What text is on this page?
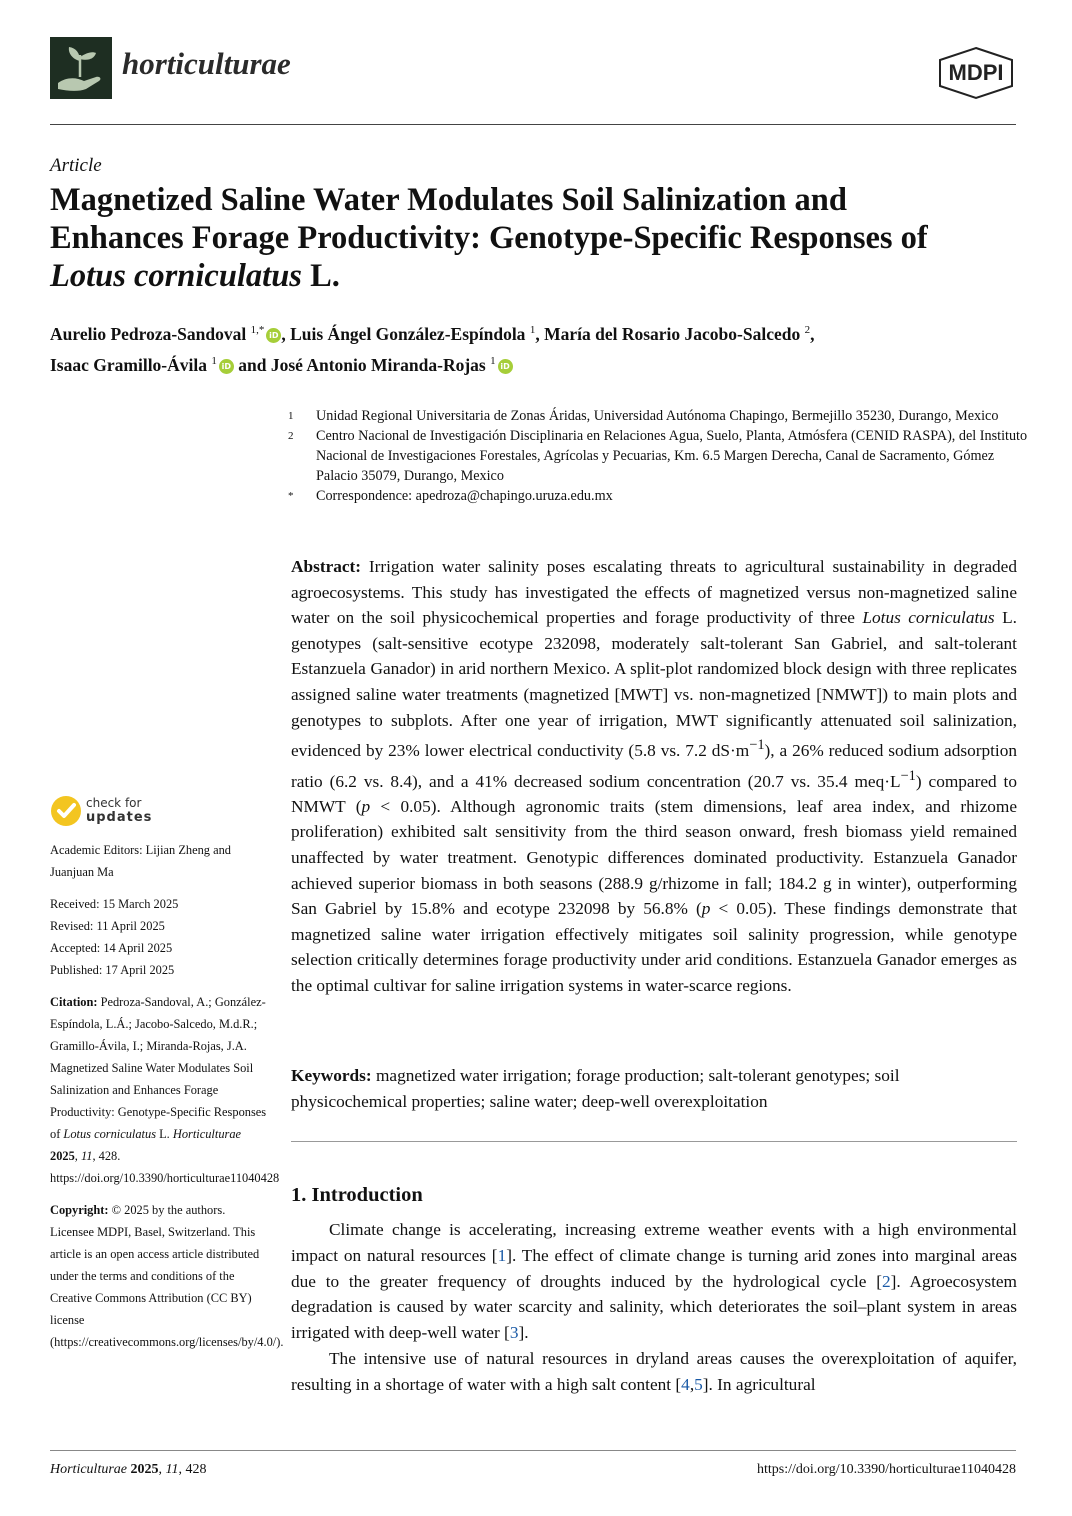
horticulturae	MDPI
Article
Magnetized Saline Water Modulates Soil Salinization and
Enhances Forage Productivity: Genotype-Specific Responses of
Lotus corniculatus L.
Aurelio Pedroza-Sandoval $^{1,*}$ iD , Luis Ángel González-Espíndola $^1$, María del Rosario Jacobo-Salcedo $^2$,
Isaac Gramillo-Ávila $^1$ iD and José Antonio Miranda-Rojas $^1$ iD
1 Unidad Regional Universitaria de Zonas Áridas, Universidad Autónoma Chapingo, Bermejillo 35230, Durango, Mexico
2 Centro Nacional de Investigación Disciplinaria en Relaciones Agua, Suelo, Planta, Atmósfera (CENID RASPA), del Instituto Nacional de Investigaciones Forestales, Agrícolas y Pecuarias, Km. 6.5 Margen Derecha, Canal de Sacramento, Gómez Palacio 35079, Durango, Mexico
* Correspondence: apedroza@chapingo.uruza.edu.mx
check for
updates

Academic Editors: Lijian Zheng and Juanjuan Ma

Received: 15 March 2025

Revised: 11 April 2025

Accepted: 14 April 2025

Published: 17 April 2025

Citation: Pedroza-Sandoval, A.; González-Espíndola, L.Á.; Jacobo-Salcedo, M.d.R.; Gramillo-Ávila, I.; Miranda-Rojas, J.A. Magnetized Saline Water Modulates Soil Salinization and Enhances Forage Productivity: Genotype-Specific Responses of Lotus corniculatus L. Horticulturae 2025, 11, 428. https://doi.org/10.3390/horticulturae11040428

Copyright: © 2025 by the authors. Licensee MDPI, Basel, Switzerland. This article is an open access article distributed under the terms and conditions of the Creative Commons Attribution (CC BY) license (https://creativecommons.org/licenses/by/4.0/).

Abstract: Irrigation water salinity poses escalating threats to agricultural sustainability in degraded agroecosystems. This study has investigated the effects of magnetized versus non-magnetized saline water on the soil physicochemical properties and forage productivity of three Lotus corniculatus L. genotypes (salt-sensitive ecotype 232098, moderately salt-tolerant San Gabriel, and salt-tolerant Estanzuela Ganador) in arid northern Mexico. A split-plot randomized block design with three replicates assigned saline water treatments (magnetized [MWT] vs. non-magnetized [NMWT]) to main plots and genotypes to subplots. After one year of irrigation, MWT significantly attenuated soil salinization, evidenced by 23% lower electrical conductivity (5.8 vs. 7.2 $dS\cdot m^{-1}$), a 26% reduced sodium adsorption ratio (6.2 vs. 8.4), and a 41% decreased sodium concentration (20.7 vs. 35.4 $meq\cdot L^{-1}$) compared to NMWT (p < 0.05). Although agronomic traits (stem dimensions, leaf area index, and rhizome proliferation) exhibited salt sensitivity from the third season onward, fresh biomass yield remained unaffected by water treatment. Genotypic differences dominated productivity. Estanzuela Ganador achieved superior biomass in both seasons (288.9 g/rhizome in fall; 184.2 g in winter), outperforming San Gabriel by 15.8% and ecotype 232098 by 56.8% (p < 0.05). These findings demonstrate that magnetized saline water irrigation effectively mitigates soil salinity progression, while genotype selection critically determines forage productivity under arid conditions. Estanzuela Ganador emerges as the optimal cultivar for saline irrigation systems in water-scarce regions.
Keywords: magnetized water irrigation; forage production; salt-tolerant genotypes; soil physicochemical properties; saline water; deep-well overexploitation
1. Introduction

Climate change is accelerating, increasing extreme weather events with a high environmental impact on natural resources [1]. The effect of climate change is turning arid zones into marginal areas due to the greater frequency of droughts induced by the hydrological cycle [2]. Agroecosystem degradation is caused by water scarcity and salinity, which deteriorates the soil–plant system in areas irrigated with deep-well water [3].

The intensive use of natural resources in dryland areas causes the overexploitation of aquifer, resulting in a shortage of water with a high salt content [4,5]. In agricultural

Horticulturae 2025, 11, 428	https://doi.org/10.3390/horticulturae11040428
